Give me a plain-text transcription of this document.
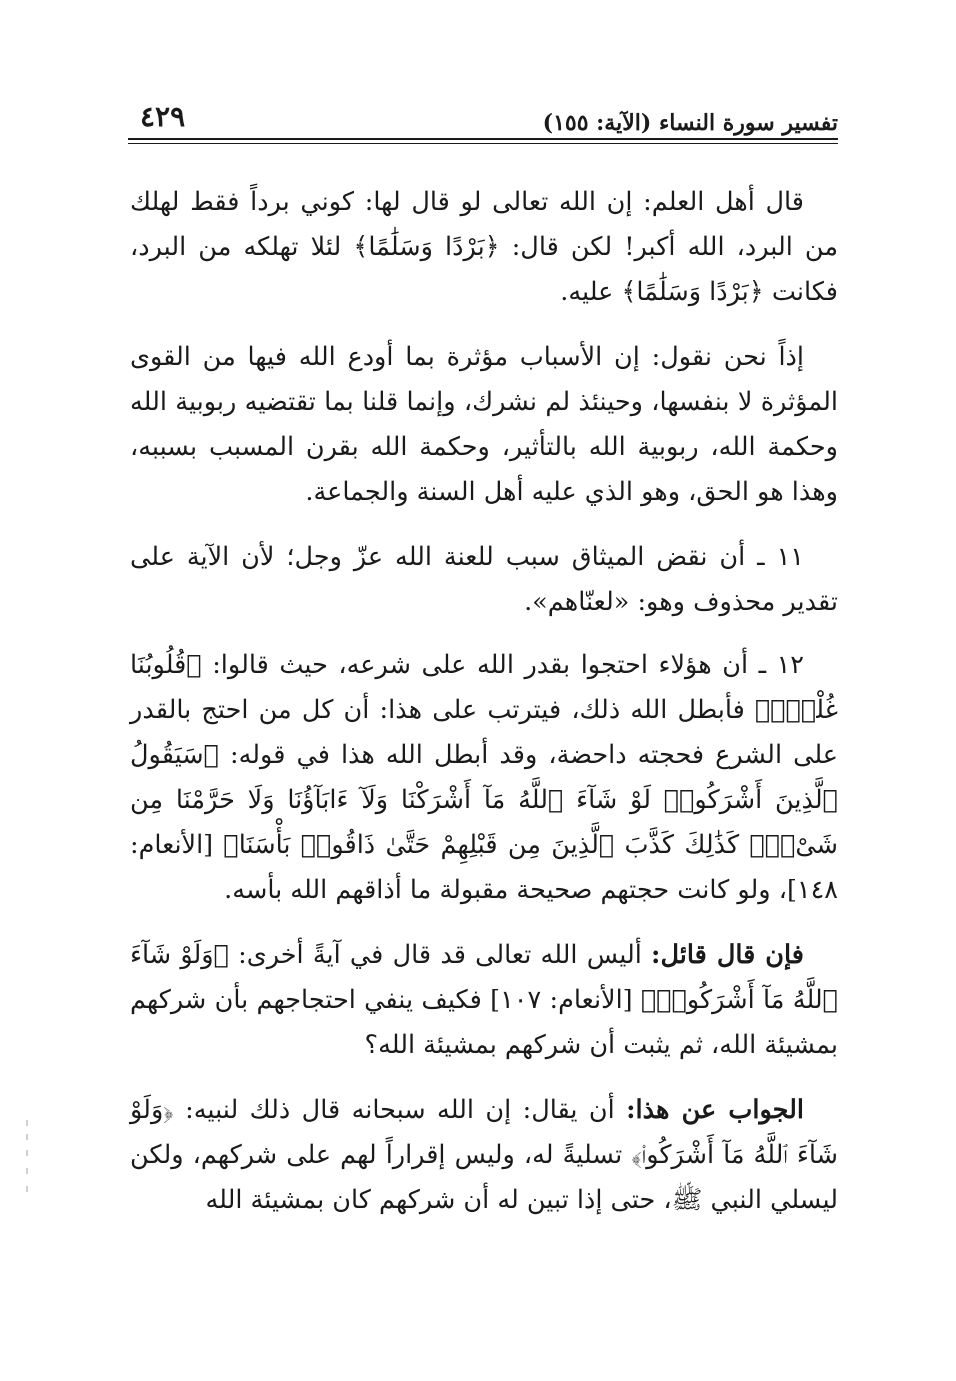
تفسير سورة النساء (الآية: ١٥٥)
٤٢٩

قال أهل العلم: إن الله تعالى لو قال لها: كوني برداً فقط لهلك من البرد، الله أكبر! لكن قال: ﴿بَرْدًا وَسَلَٰمًا﴾ لئلا تهلكه من البرد، فكانت ﴿بَرْدًا وَسَلَٰمًا﴾ عليه.

إذاً نحن نقول: إن الأسباب مؤثرة بما أودع الله فيها من القوى المؤثرة لا بنفسها، وحينئذ لم نشرك، وإنما قلنا بما تقتضيه ربوبية الله وحكمة الله، ربوبية الله بالتأثير، وحكمة الله بقرن المسبب بسببه، وهذا هو الحق، وهو الذي عليه أهل السنة والجماعة.

١١ ـ أن نقض الميثاق سبب للعنة الله عزّ وجل؛ لأن الآية على تقدير محذوف وهو: «لعنّاهم».

١٢ ـ أن هؤلاء احتجوا بقدر الله على شرعه، حيث قالوا: ﴿قُلُوبُنَا غُلْفٌۢ﴾ فأبطل الله ذلك، فيترتب على هذا: أن كل من احتج بالقدر على الشرع فحجته داحضة، وقد أبطل الله هذا في قوله: ﴿سَيَقُولُ ٱلَّذِينَ أَشْرَكُوا۟ لَوْ شَآءَ ٱللَّهُ مَآ أَشْرَكْنَا وَلَآ ءَابَآؤُنَا وَلَا حَرَّمْنَا مِن شَىْءٍۢ كَذَٰلِكَ كَذَّبَ ٱلَّذِينَ مِن قَبْلِهِمْ حَتَّىٰ ذَاقُوا۟ بَأْسَنَا﴾ [الأنعام: ١٤٨]، ولو كانت حجتهم صحيحة مقبولة ما أذاقهم الله بأسه.

فإن قال قائل: أليس الله تعالى قد قال في آيةً أخرى: ﴿وَلَوْ شَآءَ ٱللَّهُ مَآ أَشْرَكُوا۟﴾ [الأنعام: ١٠٧] فكيف ينفي احتجاجهم بأن شركهم بمشيئة الله، ثم يثبت أن شركهم بمشيئة الله؟

الجواب عن هذا: أن يقال: إن الله سبحانه قال ذلك لنبيه: ﴿وَلَوْ شَآءَ ٱللَّهُ مَآ أَشْرَكُوا۟﴾ تسليةً له، وليس إقراراً لهم على شركهم، ولكن ليسلي النبي ﷺ، حتى إذا تبين له أن شركهم كان بمشيئة الله
